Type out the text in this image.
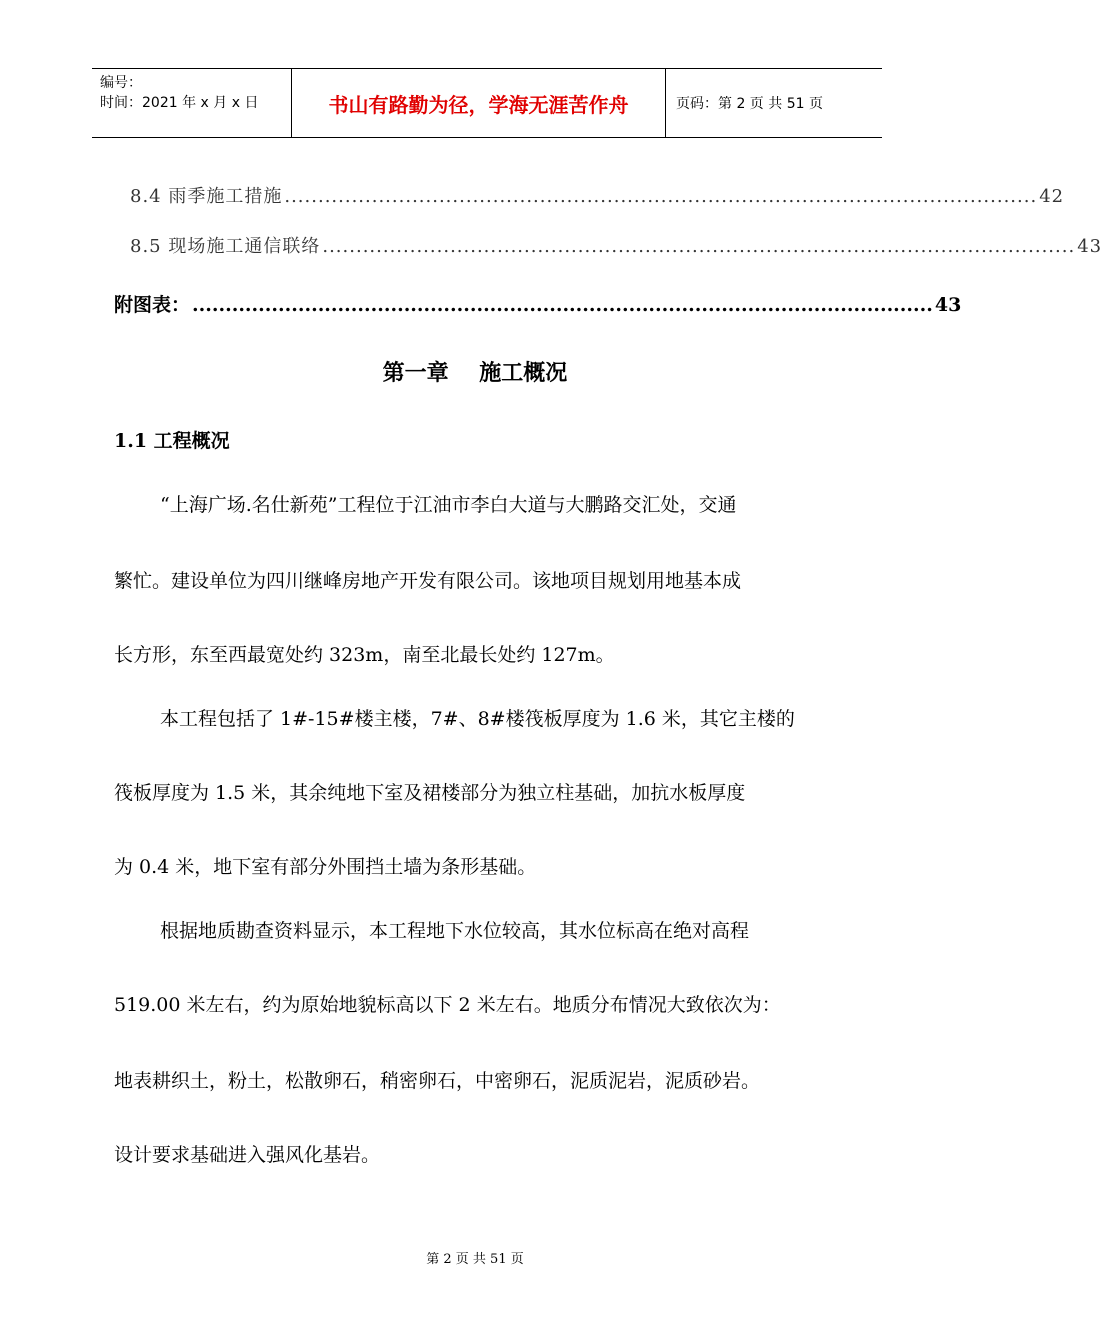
编号：
时间：2021 年 x 月 x 日	书山有路勤为径，学海无涯苦作舟	页码：第 2 页 共 51 页
8.4 雨季施工措施 ................................................................................................................ 42
8.5 现场施工通信联络 ................................................................................................................ 43
附图表： ................................................................................................................ 43
第一章    施工概况
1.1 工程概况
“上海广场.名仕新苑”工程位于江油市李白大道与大鹏路交汇处，交通
繁忙。建设单位为四川继峰房地产开发有限公司。该地项目规划用地基本成
长方形，东至西最宽处约 323m，南至北最长处约 127m。
本工程包括了 1#-15#楼主楼，7#、8#楼筏板厚度为 1.6 米，其它主楼的
筏板厚度为 1.5 米，其余纯地下室及裙楼部分为独立柱基础，加抗水板厚度
为 0.4 米，地下室有部分外围挡土墙为条形基础。
根据地质勘查资料显示，本工程地下水位较高，其水位标高在绝对高程
519.00 米左右，约为原始地貌标高以下 2 米左右。地质分布情况大致依次为：
地表耕织土，粉土，松散卵石，稍密卵石，中密卵石，泥质泥岩，泥质砂岩。
设计要求基础进入强风化基岩。
第 2 页 共 51 页
